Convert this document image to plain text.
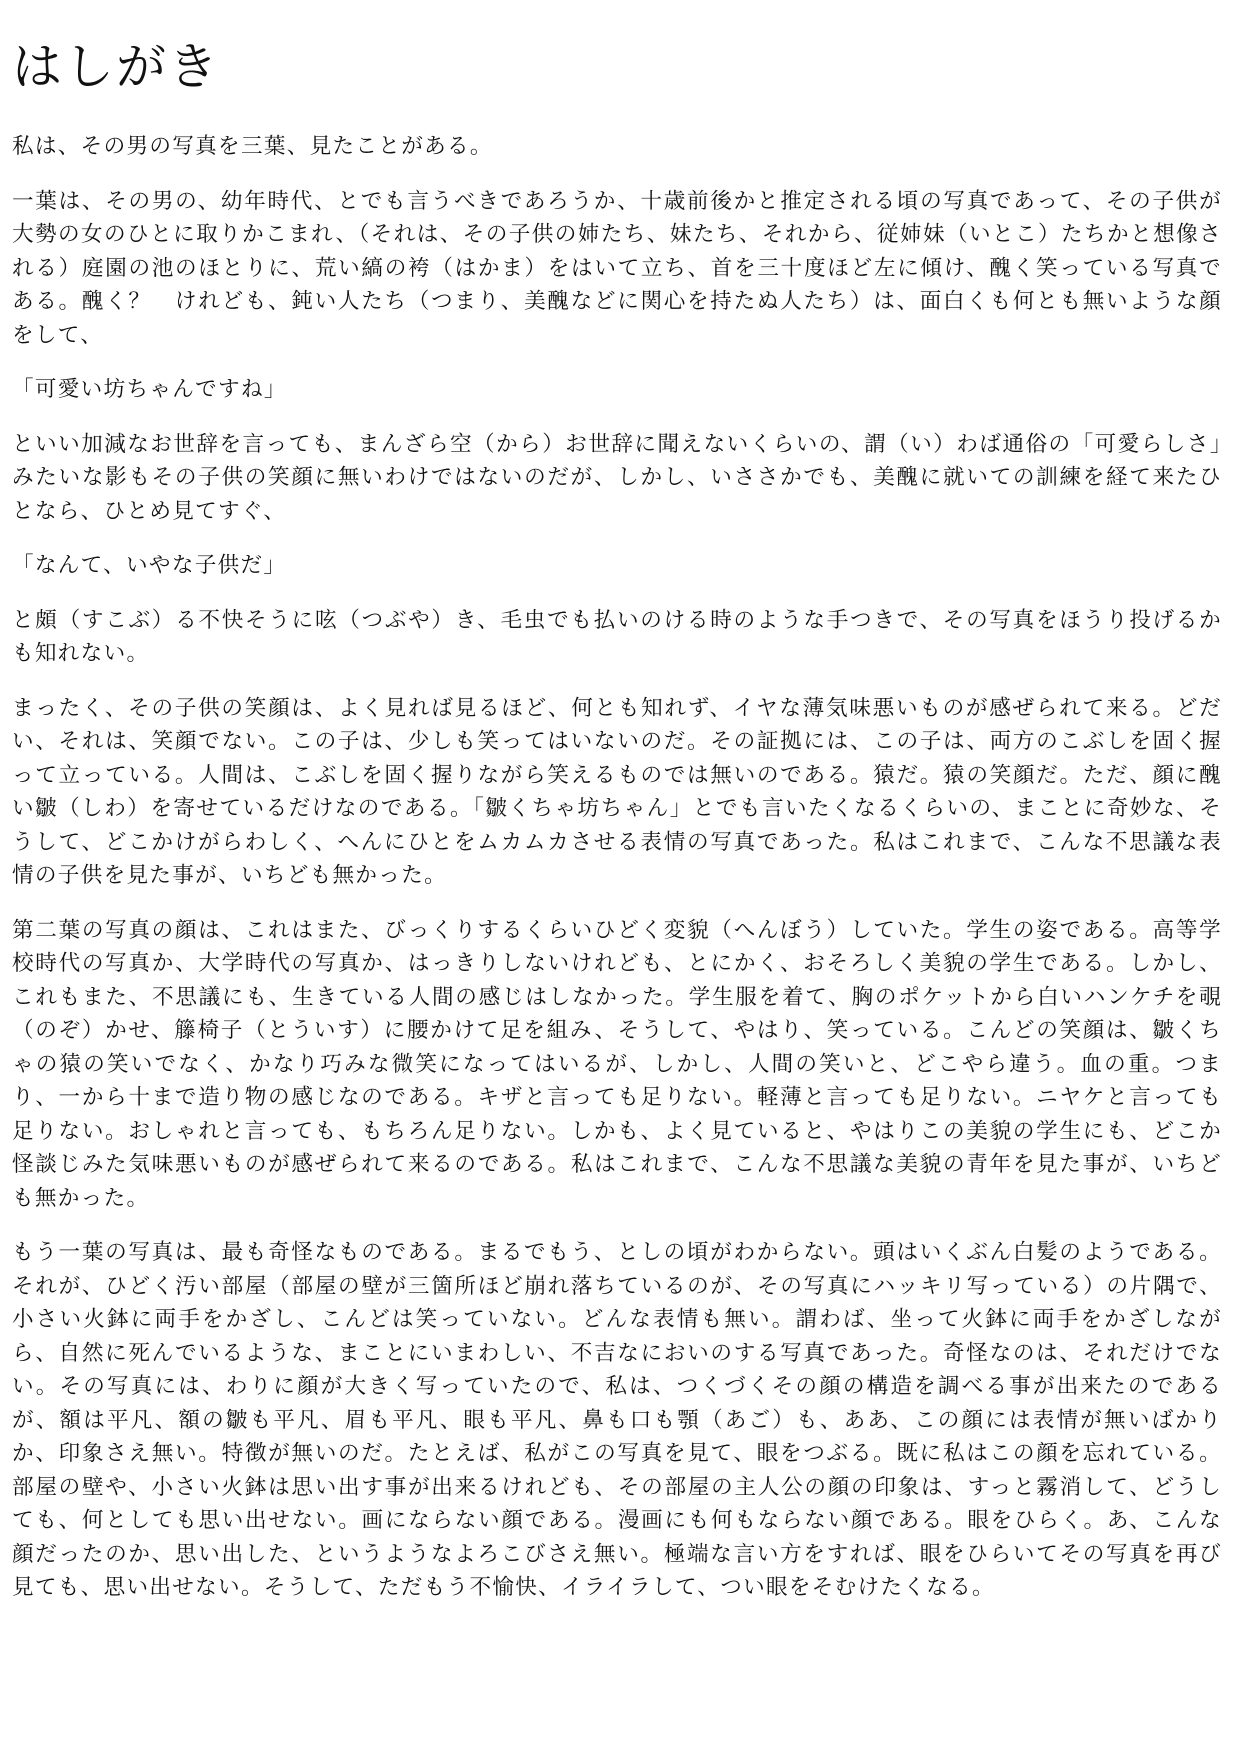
はしがき

私は、その男の写真を三葉、見たことがある。

一葉は、その男の、幼年時代、とでも言うべきであろうか、十歳前後かと推定される頃の写真であって、その子供が大勢の女のひとに取りかこまれ、（それは、その子供の姉たち、妹たち、それから、従姉妹（いとこ）たちかと想像される）庭園の池のほとりに、荒い縞の袴（はかま）をはいて立ち、首を三十度ほど左に傾け、醜く笑っている写真である。醜く？　けれども、鈍い人たち（つまり、美醜などに関心を持たぬ人たち）は、面白くも何とも無いような顔をして、

「可愛い坊ちゃんですね」

といい加減なお世辞を言っても、まんざら空（から）お世辞に聞えないくらいの、謂（い）わば通俗の「可愛らしさ」みたいな影もその子供の笑顔に無いわけではないのだが、しかし、いささかでも、美醜に就いての訓練を経て来たひとなら、ひとめ見てすぐ、

「なんて、いやな子供だ」

と頗（すこぶ）る不快そうに呟（つぶや）き、毛虫でも払いのける時のような手つきで、その写真をほうり投げるかも知れない。

まったく、その子供の笑顔は、よく見れば見るほど、何とも知れず、イヤな薄気味悪いものが感ぜられて来る。どだい、それは、笑顔でない。この子は、少しも笑ってはいないのだ。その証拠には、この子は、両方のこぶしを固く握って立っている。人間は、こぶしを固く握りながら笑えるものでは無いのである。猿だ。猿の笑顔だ。ただ、顔に醜い皺（しわ）を寄せているだけなのである。「皺くちゃ坊ちゃん」とでも言いたくなるくらいの、まことに奇妙な、そうして、どこかけがらわしく、へんにひとをムカムカさせる表情の写真であった。私はこれまで、こんな不思議な表情の子供を見た事が、いちども無かった。

第二葉の写真の顔は、これはまた、びっくりするくらいひどく変貌（へんぼう）していた。学生の姿である。高等学校時代の写真か、大学時代の写真か、はっきりしないけれども、とにかく、おそろしく美貌の学生である。しかし、これもまた、不思議にも、生きている人間の感じはしなかった。学生服を着て、胸のポケットから白いハンケチを覗（のぞ）かせ、籐椅子（とういす）に腰かけて足を組み、そうして、やはり、笑っている。こんどの笑顔は、皺くちゃの猿の笑いでなく、かなり巧みな微笑になってはいるが、しかし、人間の笑いと、どこやら違う。血の重。つまり、一から十まで造り物の感じなのである。キザと言っても足りない。軽薄と言っても足りない。ニヤケと言っても足りない。おしゃれと言っても、もちろん足りない。しかも、よく見ていると、やはりこの美貌の学生にも、どこか怪談じみた気味悪いものが感ぜられて来るのである。私はこれまで、こんな不思議な美貌の青年を見た事が、いちども無かった。

もう一葉の写真は、最も奇怪なものである。まるでもう、としの頃がわからない。頭はいくぶん白髪のようである。それが、ひどく汚い部屋（部屋の壁が三箇所ほど崩れ落ちているのが、その写真にハッキリ写っている）の片隅で、小さい火鉢に両手をかざし、こんどは笑っていない。どんな表情も無い。謂わば、坐って火鉢に両手をかざしながら、自然に死んでいるような、まことにいまわしい、不吉なにおいのする写真であった。奇怪なのは、それだけでない。その写真には、わりに顔が大きく写っていたので、私は、つくづくその顔の構造を調べる事が出来たのであるが、額は平凡、額の皺も平凡、眉も平凡、眼も平凡、鼻も口も顎（あご）も、ああ、この顔には表情が無いばかりか、印象さえ無い。特徴が無いのだ。たとえば、私がこの写真を見て、眼をつぶる。既に私はこの顔を忘れている。部屋の壁や、小さい火鉢は思い出す事が出来るけれども、その部屋の主人公の顔の印象は、すっと霧消して、どうしても、何としても思い出せない。画にならない顔である。漫画にも何もならない顔である。眼をひらく。あ、こんな顔だったのか、思い出した、というようなよろこびさえ無い。極端な言い方をすれば、眼をひらいてその写真を再び見ても、思い出せない。そうして、ただもう不愉快、イライラして、つい眼をそむけたくなる。
